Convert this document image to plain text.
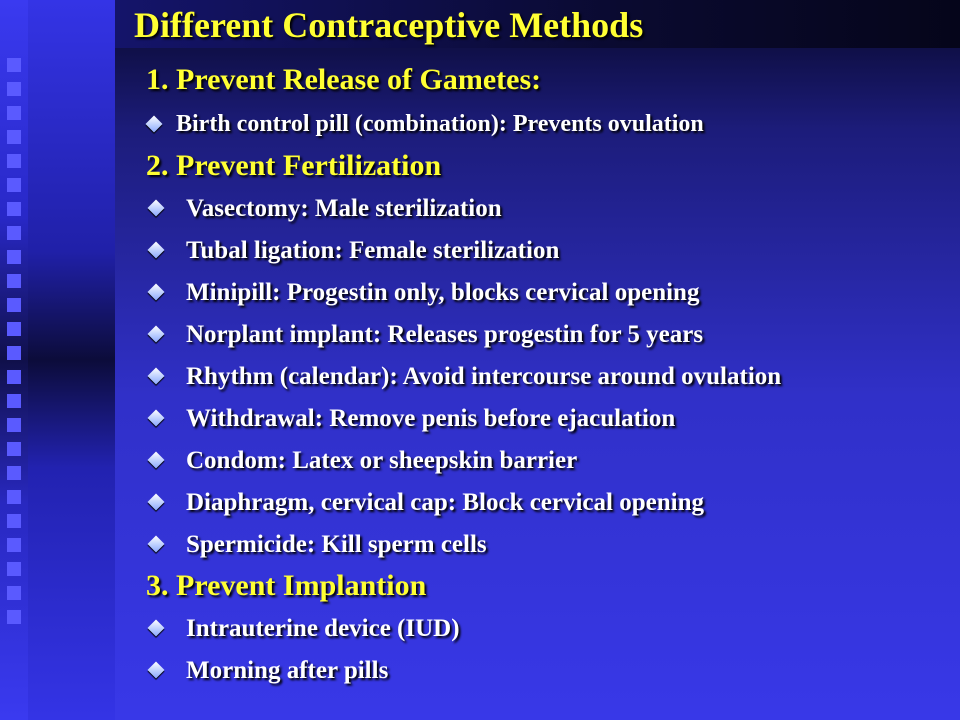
Different Contraceptive Methods
1. Prevent Release of Gametes:
Birth control pill (combination): Prevents ovulation
2. Prevent Fertilization
Vasectomy: Male sterilization
Tubal ligation: Female sterilization
Minipill: Progestin only, blocks cervical opening
Norplant implant: Releases progestin for 5 years
Rhythm (calendar): Avoid intercourse around ovulation
Withdrawal: Remove penis before ejaculation
Condom: Latex or sheepskin barrier
Diaphragm, cervical cap: Block cervical opening
Spermicide: Kill sperm cells
3. Prevent Implantion
Intrauterine device (IUD)
Morning after pills
